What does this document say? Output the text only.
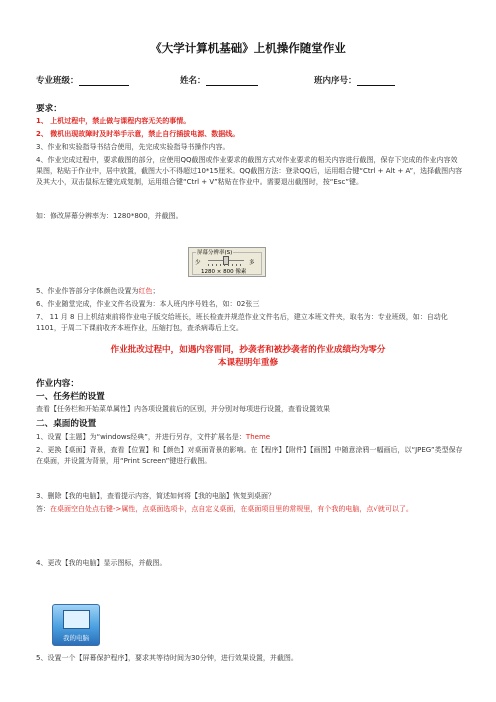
《大学计算机基础》上机操作随堂作业
专业班级：	姓名：	班内序号：
要求：
1、 上机过程中，禁止做与课程内容无关的事情。
2、 微机出现故障时及时举手示意，禁止自行插拔电源、数据线。
3、作业和实验指导书结合使用，先完成实验指导书操作内容。
4、作业完成过程中，要求截图的部分，应使用QQ截图或作业要求的截图方式对作业要求的相关内容进行截图，保存下完成的作业内容效果图，粘贴于作业中，居中放置，截图大小不得超过10*15厘米。QQ截图方法：登录QQ后，运用组合键“Ctrl + Alt + A”，选择截图内容及其大小，双击鼠标左键完成复制，运用组合键“Ctrl + V”粘贴在作业中。需要退出截图时，按“Esc”键。
如：修改屏幕分辨率为：1280*800，并截图。
屏幕分辨率(S)
少	多
1280 × 800 像素
5、作业作答部分字体颜色设置为红色；
6、作业随堂完成，作业文件名设置为：本人班内序号姓名，如：02张三
7、 11 月 8 日上机结束前将作业电子版交给班长，班长检查并规范作业文件名后，建立本班文件夹，取名为：专业班级，如：自动化1101，于周二下课前收齐本班作业，压缩打包，查杀病毒后上交。
作业批改过程中，如遇内容雷同，抄袭者和被抄袭者的作业成绩均为零分
本课程明年重修
作业内容：
一、任务栏的设置
查看【任务栏和开始菜单属性】内各项设置前后的区别，并分别对每项进行设置，查看设置效果
二、桌面的设置
1、设置【主题】为“windows经典”，并进行另存，文件扩展名是：Theme
2、更换【桌面】背景，查看【位置】和【颜色】对桌面背景的影响。在【程序】【附件】【画图】中随意涂鸦一幅画后，以“JPEG”类型保存在桌面，并设置为背景，用“Print Screen”键进行截图。
3、删除【我的电脑】，查看提示内容，简述如何将【我的电脑】恢复到桌面？
答：在桌面空白处点右键->属性，点桌面选项卡，点自定义桌面，在桌面项目里的常规里，有个我的电脑，点√就可以了。
4、更改【我的电脑】显示图标，并截图。
我的电脑
5、设置一个【屏幕保护程序】，要求其等待时间为30分钟，进行效果设置，并截图。
